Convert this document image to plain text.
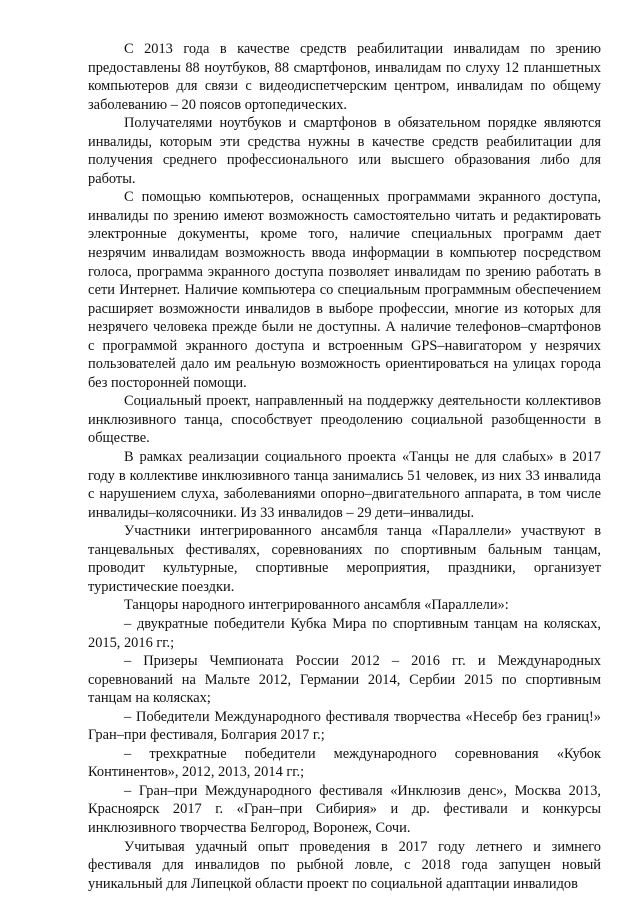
С 2013 года в качестве средств реабилитации инвалидам по зрению предоставлены 88 ноутбуков, 88 смартфонов, инвалидам по слуху 12 планшетных компьютеров для связи с видеодиспетчерским центром, инвалидам по общему заболеванию – 20 поясов ортопедических.

Получателями ноутбуков и смартфонов в обязательном порядке являются инвалиды, которым эти средства нужны в качестве средств реабилитации для получения среднего профессионального или высшего образования либо для работы.

С помощью компьютеров, оснащенных программами экранного доступа, инвалиды по зрению имеют возможность самостоятельно читать и редактировать электронные документы, кроме того, наличие специальных программ дает незрячим инвалидам возможность ввода информации в компьютер посредством голоса, программа экранного доступа позволяет инвалидам по зрению работать в сети Интернет. Наличие компьютера со специальным программным обеспечением расширяет возможности инвалидов в выборе профессии, многие из которых для незрячего человека прежде были не доступны. А наличие телефонов–смартфонов с программой экранного доступа и встроенным GPS–навигатором у незрячих пользователей дало им реальную возможность ориентироваться на улицах города без посторонней помощи.

Социальный проект, направленный на поддержку деятельности коллективов инклюзивного танца, способствует преодолению социальной разобщенности в обществе.

В рамках реализации социального проекта «Танцы не для слабых» в 2017 году в коллективе инклюзивного танца занимались 51 человек, из них 33 инвалида с нарушением слуха, заболеваниями опорно–двигательного аппарата, в том числе инвалиды–колясочники. Из 33 инвалидов – 29 дети–инвалиды.

Участники интегрированного ансамбля танца «Параллели» участвуют в танцевальных фестивалях, соревнованиях по спортивным бальным танцам, проводит культурные, спортивные мероприятия, праздники, организует туристические поездки.

Танцоры народного интегрированного ансамбля «Параллели»:

– двукратные победители Кубка Мира по спортивным танцам на колясках, 2015, 2016 гг.;

– Призеры Чемпионата России 2012 – 2016 гг. и Международных соревнований на Мальте 2012, Германии 2014, Сербии 2015 по спортивным танцам на колясках;

– Победители Международного фестиваля творчества «Несебр без границ!» Гран–при фестиваля, Болгария 2017 г.;

– трехкратные победители международного соревнования «Кубок Континентов», 2012, 2013, 2014 гг.;

– Гран–при Международного фестиваля «Инклюзив денс», Москва 2013, Красноярск 2017 г. «Гран–при Сибирия» и др. фестивали и конкурсы инклюзивного творчества Белгород, Воронеж, Сочи.

Учитывая удачный опыт проведения в 2017 году летнего и зимнего фестиваля для инвалидов по рыбной ловле, с 2018 года запущен новый уникальный для Липецкой области проект по социальной адаптации инвалидов
